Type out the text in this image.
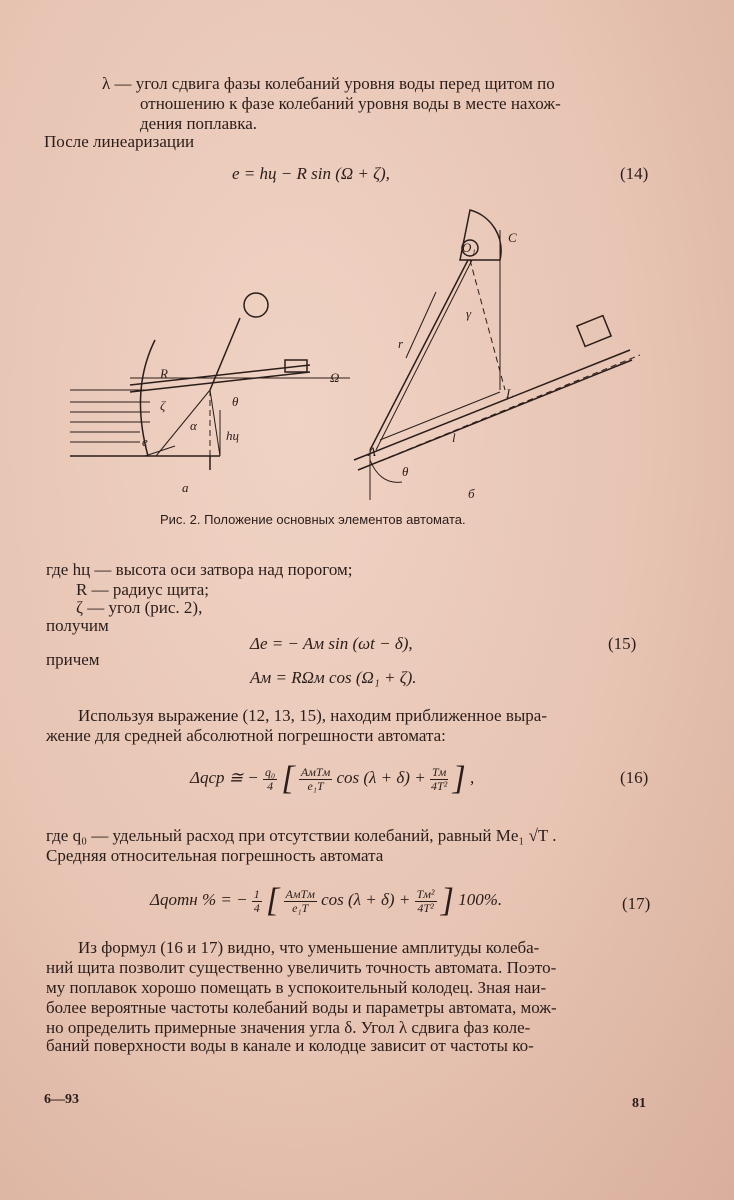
λ — угол сдвига фазы колебаний уровня воды перед щитом по
отношению к фазе колебаний уровня воды в месте нахож-
дения поплавка.
После линеаризации
e = hц − R sin (Ω + ζ),	(14)
R	Ω
ζ	θ
α
hц
e
а
O₁
C
γ
r
L
l
A
θ
б
Рис. 2. Положение основных элементов автомата.
где hц — высота оси затвора над порогом;
R — радиус щита;
ζ — угол (рис. 2),
получим
Δe = − Aм sin (ωt − δ),	(15)
причем
Aм = RΩм cos (Ω₁ + ζ).
Используя выражение (12, 13, 15), находим приближенное выра-
жение для средней абсолютной погрешности автомата:
Δqср ≅ − $\frac{\text{q₀}}{4}$ [ $\frac{\text{AмTм}}{\text{e₁T}}$ $\cos (\lambda + \delta) + \frac{Tм}{\text{4T²}}$ ] ,	(16)
где q₀ — удельный расход при отсутствии колебаний, равный Me₁ √T .
Средняя относительная погрешность автомата
Δqотн % = − $\frac{1}{4}$ [ $\frac{\text{AмTм}}{\text{e₁T}}$ $\cos (\lambda + \delta) + \frac{\text{Tм²}}{\text{4T²}}$ ] 100%.	(17)
Из формул (16 и 17) видно, что уменьшение амплитуды колеба-
ний щита позволит существенно увеличить точность автомата. Поэто-
му поплавок хорошо помещать в успокоительный колодец. Зная наи-
более вероятные частоты колебаний воды и параметры автомата, мож-
но определить примерные значения угла δ. Угол λ сдвига фаз коле-
баний поверхности воды в канале и колодце зависит от частоты ко-
6—93	81
